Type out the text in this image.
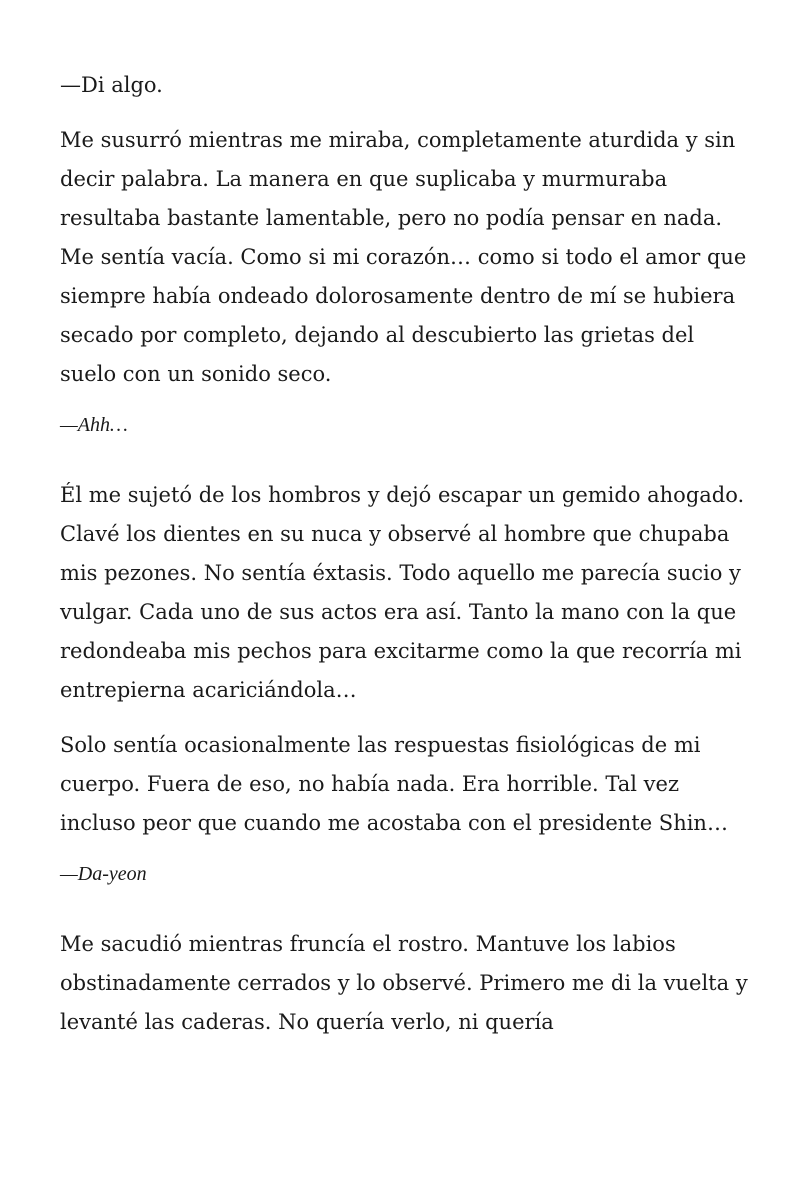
—Di algo.

Me susurró mientras me miraba, completamente aturdida y sin decir palabra. La manera en que suplicaba y murmuraba resultaba bastante lamentable, pero no podía pensar en nada. Me sentía vacía. Como si mi corazón… como si todo el amor que siempre había ondeado dolorosamente dentro de mí se hubiera secado por completo, dejando al descubierto las grietas del suelo con un sonido seco.

—Ahh…

Él me sujetó de los hombros y dejó escapar un gemido ahogado. Clavé los dientes en su nuca y observé al hombre que chupaba mis pezones. No sentía éxtasis. Todo aquello me parecía sucio y vulgar. Cada uno de sus actos era así. Tanto la mano con la que redondeaba mis pechos para excitarme como la que recorría mi entrepierna acariciándola…

Solo sentía ocasionalmente las respuestas fisiológicas de mi cuerpo. Fuera de eso, no había nada. Era horrible. Tal vez incluso peor que cuando me acostaba con el presidente Shin…

—Da-yeon

Me sacudió mientras fruncía el rostro. Mantuve los labios obstinadamente cerrados y lo observé. Primero me di la vuelta y levanté las caderas. No quería verlo, ni quería
